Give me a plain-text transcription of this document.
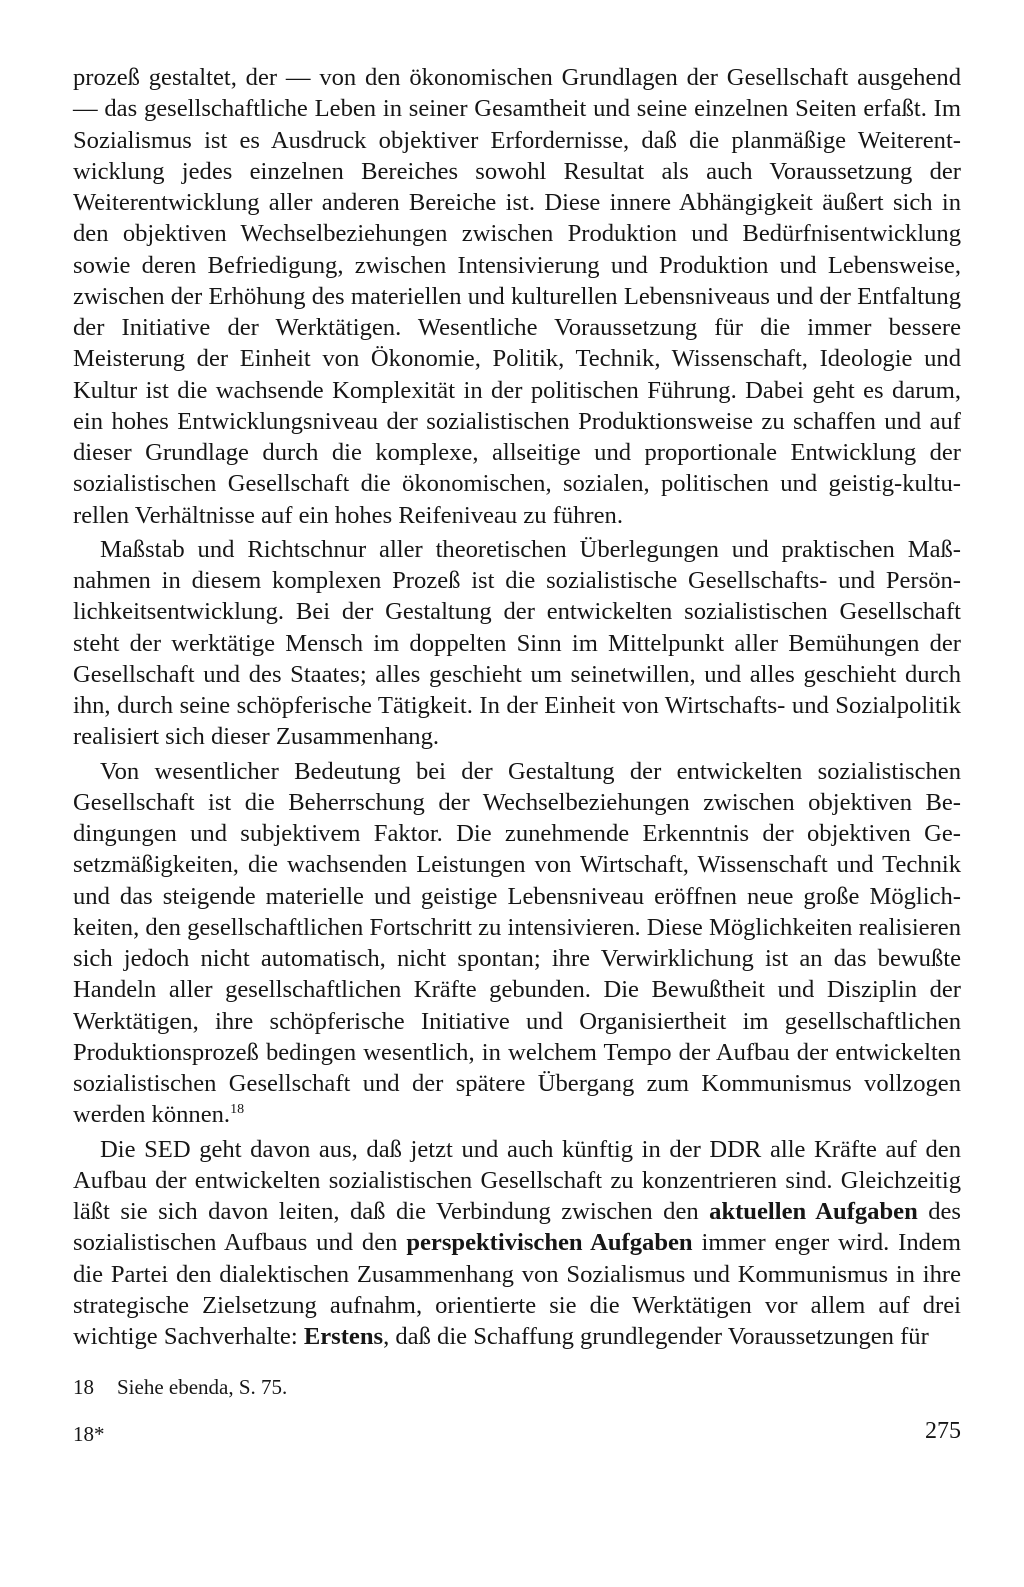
prozeß gestaltet, der — von den ökonomischen Grundlagen der Gesellschaft ausgehend — das gesellschaftliche Leben in seiner Gesamtheit und seine einzelnen Seiten erfaßt. Im Sozialismus ist es Ausdruck objektiver Erfordernisse, daß die planmäßige Weiterentwicklung jedes einzelnen Bereiches sowohl Resultat als auch Voraussetzung der Weiterentwicklung aller anderen Bereiche ist. Diese innere Abhängigkeit äußert sich in den objektiven Wechselbeziehungen zwischen Produktion und Bedürfnisentwicklung sowie deren Befriedigung, zwischen Intensivierung und Produktion und Lebensweise, zwischen der Erhöhung des materiellen und kulturellen Lebensniveaus und der Entfaltung der Initiative der Werktätigen. Wesentliche Voraussetzung für die immer bessere Meisterung der Einheit von Ökonomie, Politik, Technik, Wissenschaft, Ideologie und Kultur ist die wachsende Komplexität in der politischen Führung. Dabei geht es darum, ein hohes Entwicklungsniveau der sozialistischen Produktionsweise zu schaffen und auf dieser Grundlage durch die komplexe, allseitige und proportionale Entwicklung der sozialistischen Gesellschaft die ökonomischen, sozialen, politischen und geistig-kulturellen Verhältnisse auf ein hohes Reifeniveau zu führen.

Maßstab und Richtschnur aller theoretischen Überlegungen und praktischen Maßnahmen in diesem komplexen Prozeß ist die sozialistische Gesellschafts- und Persönlichkeitsentwicklung. Bei der Gestaltung der entwickelten sozialistischen Gesellschaft steht der werktätige Mensch im doppelten Sinn im Mittelpunkt aller Bemühungen der Gesellschaft und des Staates; alles geschieht um seinetwillen, und alles geschieht durch ihn, durch seine schöpferische Tätigkeit. In der Einheit von Wirtschafts- und Sozialpolitik realisiert sich dieser Zusammenhang.

Von wesentlicher Bedeutung bei der Gestaltung der entwickelten sozialistischen Gesellschaft ist die Beherrschung der Wechselbeziehungen zwischen objektiven Bedingungen und subjektivem Faktor. Die zunehmende Erkenntnis der objektiven Gesetzmäßigkeiten, die wachsenden Leistungen von Wirtschaft, Wissenschaft und Technik und das steigende materielle und geistige Lebensniveau eröffnen neue große Möglichkeiten, den gesellschaftlichen Fortschritt zu intensivieren. Diese Möglichkeiten realisieren sich jedoch nicht automatisch, nicht spontan; ihre Verwirklichung ist an das bewußte Handeln aller gesellschaftlichen Kräfte gebunden. Die Bewußtheit und Disziplin der Werktätigen, ihre schöpferische Initiative und Organisiertheit im gesellschaftlichen Produktionsprozeß bedingen wesentlich, in welchem Tempo der Aufbau der entwickelten sozialistischen Gesellschaft und der spätere Übergang zum Kommunismus vollzogen werden können.$^{18}$

Die SED geht davon aus, daß jetzt und auch künftig in der DDR alle Kräfte auf den Aufbau der entwickelten sozialistischen Gesellschaft zu konzentrieren sind. Gleichzeitig läßt sie sich davon leiten, daß die Verbindung zwischen den aktuellen Aufgaben des sozialistischen Aufbaus und den perspektivischen Aufgaben immer enger wird. Indem die Partei den dialektischen Zusammenhang von Sozialismus und Kommunismus in ihre strategische Zielsetzung aufnahm, orientierte sie die Werktätigen vor allem auf drei wichtige Sachverhalte: Erstens, daß die Schaffung grundlegender Voraussetzungen für

18 Siehe ebenda, S. 75.

18*	275
